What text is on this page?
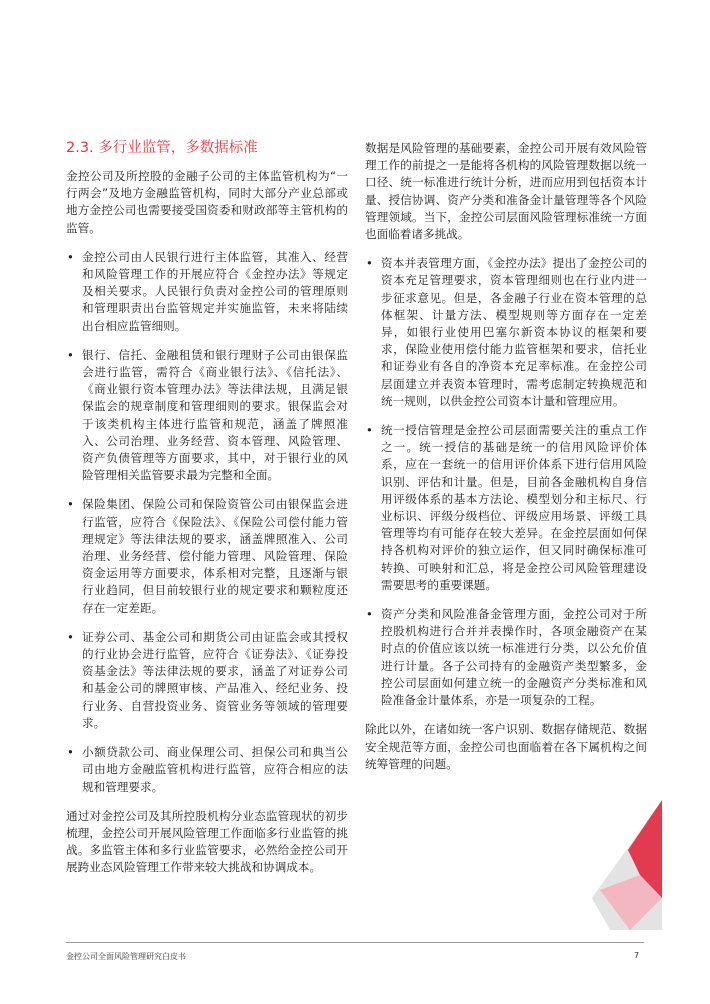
2.3. 多行业监管，多数据标准

金控公司及所控股的金融子公司的主体监管机构为“一行两会”及地方金融监管机构，同时大部分产业总部或地方金控公司也需要接受国资委和财政部等主管机构的监管。

• 金控公司由人民银行进行主体监管，其准入、经营和风险管理工作的开展应符合《金控办法》等规定及相关要求。人民银行负责对金控公司的管理原则和管理职责出台监管规定并实施监管，未来将陆续出台相应监管细则。
• 银行、信托、金融租赁和银行理财子公司由银保监会进行监管，需符合《商业银行法》、《信托法》、《商业银行资本管理办法》等法律法规，且满足银保监会的规章制度和管理细则的要求。银保监会对于该类机构主体进行监管和规范，涵盖了牌照准入、公司治理、业务经营、资本管理、风险管理、资产负债管理等方面要求，其中，对于银行业的风险管理相关监管要求最为完整和全面。
• 保险集团、保险公司和保险资管公司由银保监会进行监管，应符合《保险法》、《保险公司偿付能力管理规定》等法律法规的要求，涵盖牌照准入、公司治理、业务经营、偿付能力管理、风险管理、保险资金运用等方面要求，体系相对完整，且逐渐与银行业趋同，但目前较银行业的规定要求和颗粒度还存在一定差距。
• 证券公司、基金公司和期货公司由证监会或其授权的行业协会进行监管，应符合《证券法》、《证券投资基金法》等法律法规的要求，涵盖了对证券公司和基金公司的牌照审核、产品准入、经纪业务、投行业务、自营投资业务、资管业务等领域的管理要求。
• 小额贷款公司、商业保理公司、担保公司和典当公司由地方金融监管机构进行监管，应符合相应的法规和管理要求。

通过对金控公司及其所控股机构分业态监管现状的初步梳理，金控公司开展风险管理工作面临多行业监管的挑战。多监管主体和多行业监管要求，必然给金控公司开展跨业态风险管理工作带来较大挑战和协调成本。

数据是风险管理的基础要素，金控公司开展有效风险管理工作的前提之一是能将各机构的风险管理数据以统一口径、统一标准进行统计分析，进而应用到包括资本计量、授信协调、资产分类和准备金计量管理等各个风险管理领域。当下，金控公司层面风险管理标准统一方面也面临着诸多挑战。

• 资本并表管理方面，《金控办法》提出了金控公司的资本充足管理要求，资本管理细则也在行业内进一步征求意见。但是，各金融子行业在资本管理的总体框架、计量方法、模型规则等方面存在一定差异，如银行业使用巴塞尔新资本协议的框架和要求，保险业使用偿付能力监管框架和要求，信托业和证券业有各自的净资本充足率标准。在金控公司层面建立并表资本管理时，需考虑制定转换规范和统一规则，以供金控公司资本计量和管理应用。
• 统一授信管理是金控公司层面需要关注的重点工作之一。统一授信的基础是统一的信用风险评价体系，应在一套统一的信用评价体系下进行信用风险识别、评估和计量。但是，目前各金融机构自身信用评级体系的基本方法论、模型划分和主标尺、行业标识、评级分级档位、评级应用场景、评级工具管理等均有可能存在较大差异。在金控层面如何保持各机构对评价的独立运作，但又同时确保标准可转换、可映射和汇总，将是金控公司风险管理建设需要思考的重要课题。
• 资产分类和风险准备金管理方面，金控公司对于所控股机构进行合并并表操作时，各项金融资产在某时点的价值应该以统一标准进行分类，以公允价值进行计量。各子公司持有的金融资产类型繁多，金控公司层面如何建立统一的金融资产分类标准和风险准备金计量体系，亦是一项复杂的工程。

除此以外，在诸如统一客户识别、数据存储规范、数据安全规范等方面，金控公司也面临着在各下属机构之间统筹管理的问题。

金控公司全面风险管理研究白皮书	7
